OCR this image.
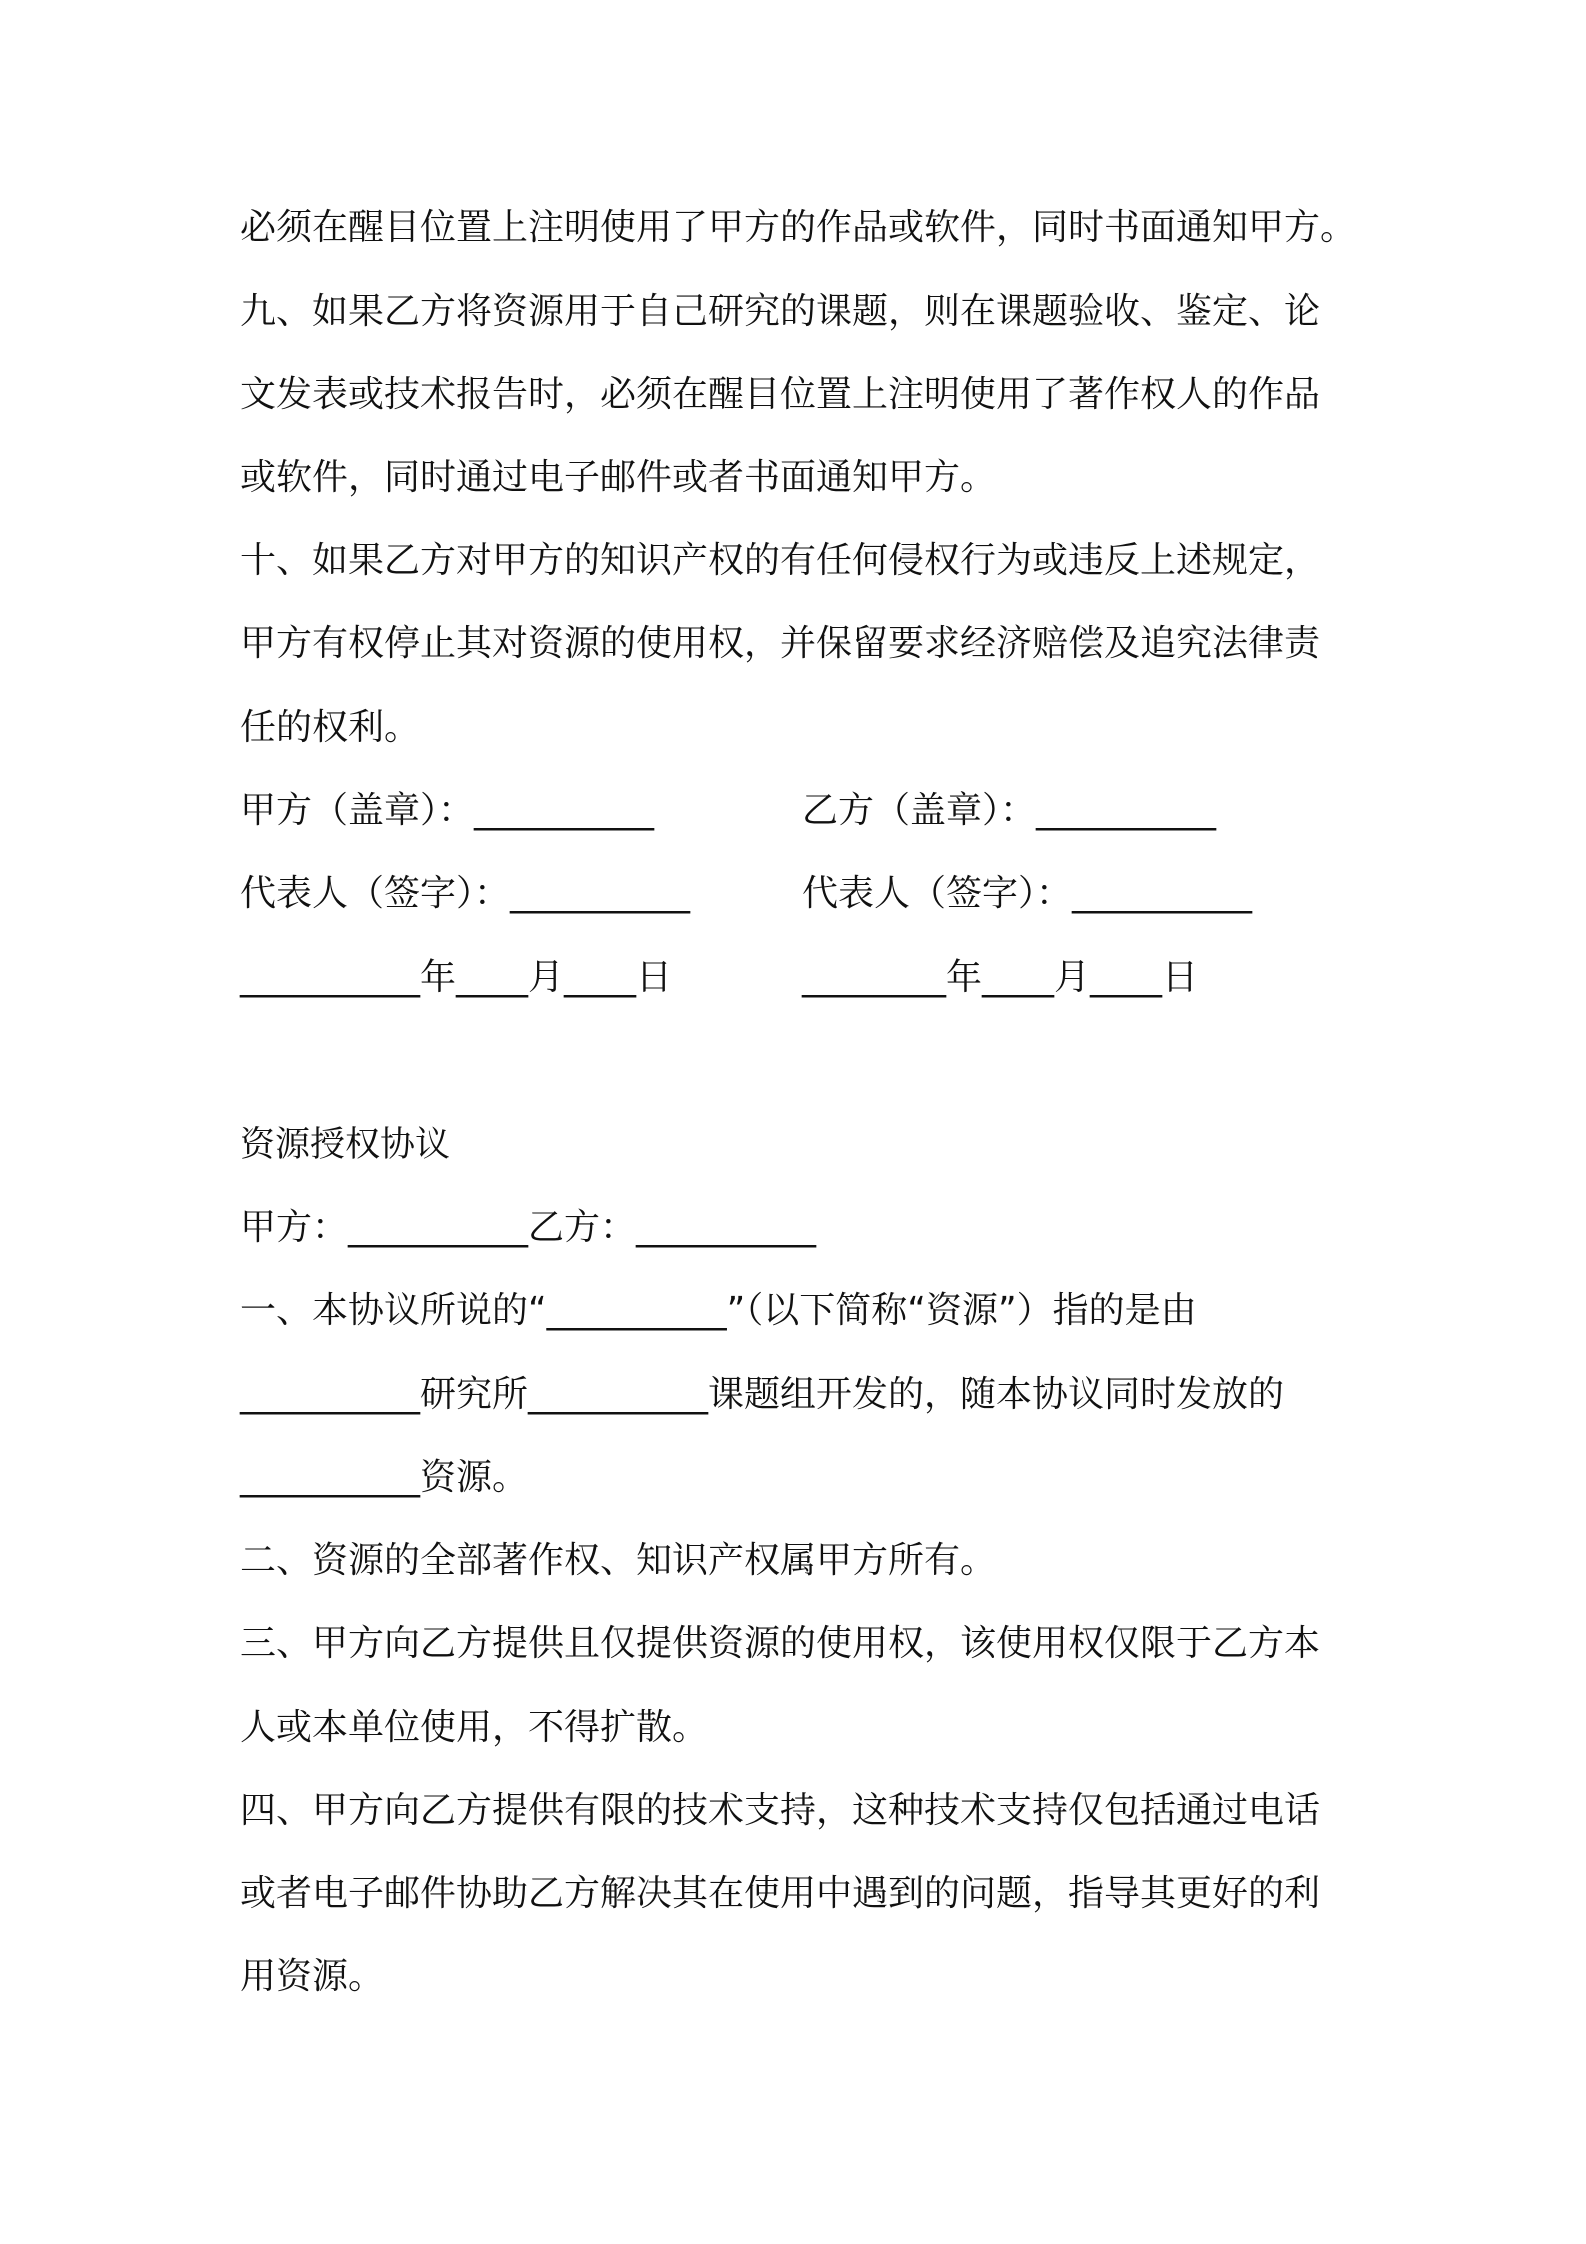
必须在醒目位置上注明使用了甲方的作品或软件，同时书面通知甲方。
九、如果乙方将资源用于自己研究的课题，则在课题验收、鉴定、论
文发表或技术报告时，必须在醒目位置上注明使用了著作权人的作品
或软件，同时通过电子邮件或者书面通知甲方。
十、如果乙方对甲方的知识产权的有任何侵权行为或违反上述规定，
甲方有权停止其对资源的使用权，并保留要求经济赔偿及追究法律责
任的权利。
甲方（盖章）：__________	乙方（盖章）：__________
代表人（签字）：__________	代表人（签字）：__________
__________年____月____日	________年____月____日
资源授权协议
甲方：__________乙方：__________
一、本协议所说的“__________”（以下简称“资源”）指的是由
__________研究所__________课题组开发的，随本协议同时发放的
__________资源。
二、资源的全部著作权、知识产权属甲方所有。
三、甲方向乙方提供且仅提供资源的使用权，该使用权仅限于乙方本
人或本单位使用，不得扩散。
四、甲方向乙方提供有限的技术支持，这种技术支持仅包括通过电话
或者电子邮件协助乙方解决其在使用中遇到的问题，指导其更好的利
用资源。
